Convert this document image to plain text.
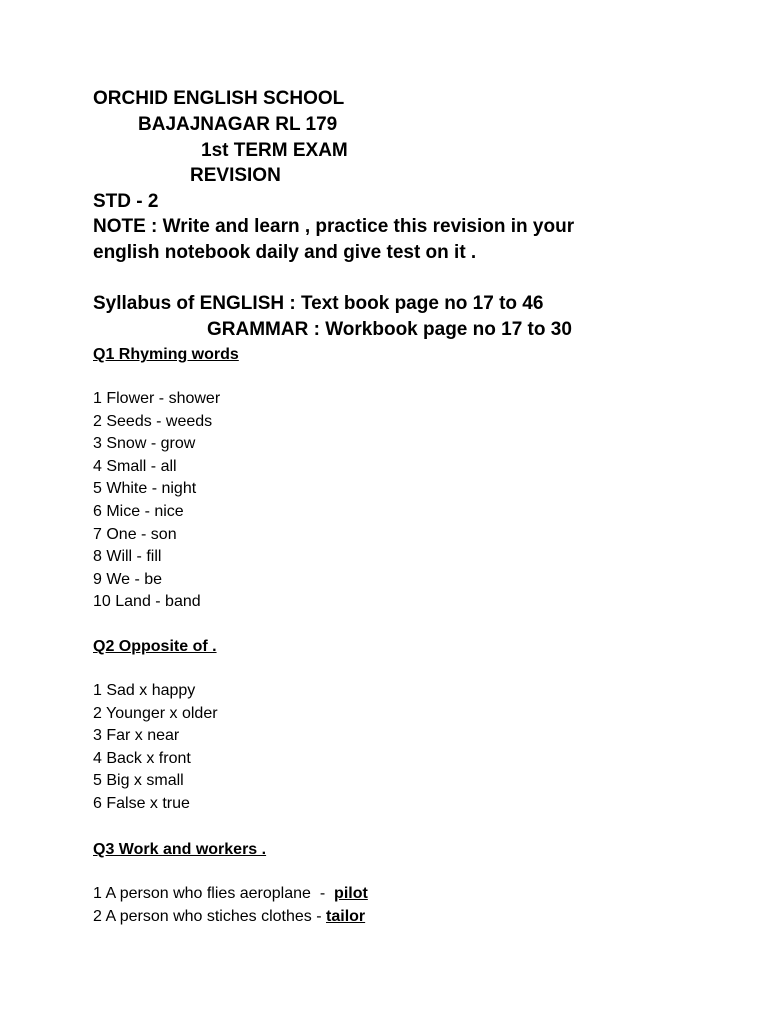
ORCHID ENGLISH SCHOOL
BAJAJNAGAR RL 179
1st TERM EXAM
REVISION
STD - 2
NOTE : Write and learn , practice this revision in your
english notebook daily and give test on it .
Syllabus of ENGLISH : Text book page no 17 to 46
GRAMMAR : Workbook page no 17 to 30
Q1 Rhyming words
1 Flower - shower
2 Seeds - weeds
3 Snow - grow
4 Small - all
5 White - night
6 Mice - nice
7 One - son
8 Will - fill
9 We - be
10 Land - band
Q2 Opposite of .
1 Sad x happy
2 Younger x older
3 Far x near
4 Back x front
5 Big x small
6 False x true
Q3 Work and workers .
1 A person who flies aeroplane  -  pilot
2 A person who stiches clothes - tailor
